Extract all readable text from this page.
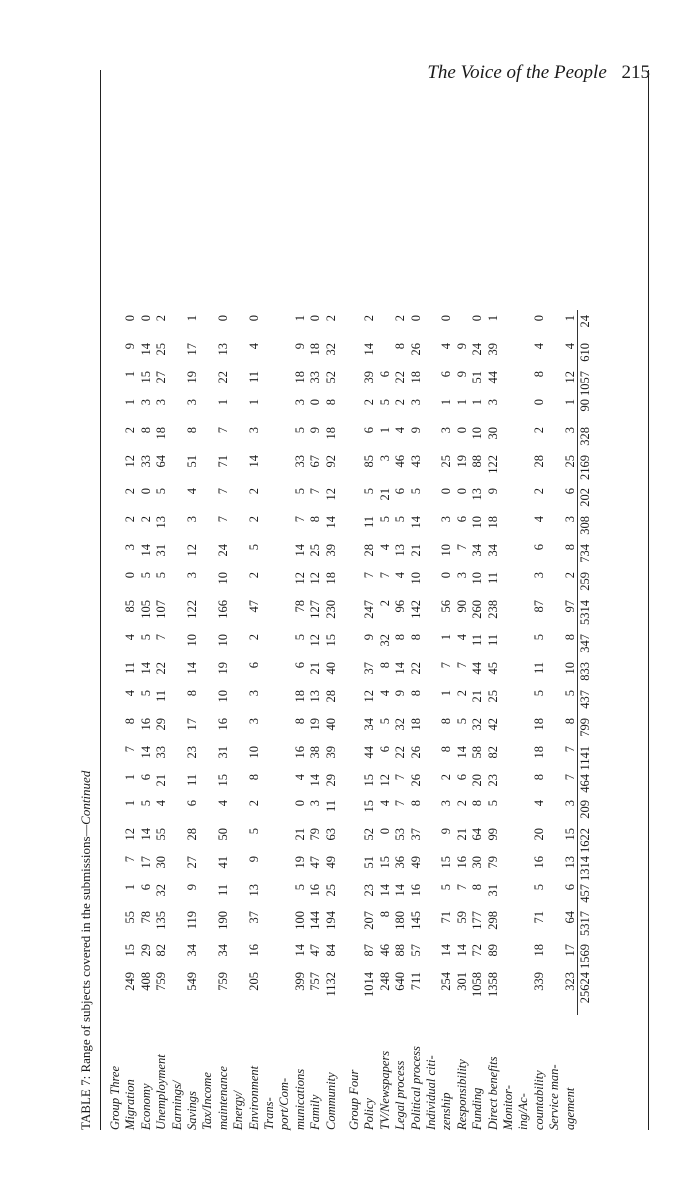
The Voice of the People 215
TABLE 7: Range of subjects covered in the submissions—Continued
Group Three Migration
249
15
55
1
7
12
1
1
7
8
4
11
4
85
0
3
2
2
12
2
1
1
9
0
Economy
408
29
78
6
17
14
5
6
14
16
5
14
5
105
5
14
2
0
33
8
3
15
14
0
Unemployment
759
82
135
32
30
55
4
21
33
29
11
22
7
107
5
31
13
5
64
18
3
27
25
2
Earnings/ Savings
549
34
119
9
27
28
6
11
23
17
8
14
10
122
3
12
3
4
51
8
3
19
17
1
Tax/Income maintenance
759
34
190
11
41
50
4
15
31
16
10
19
10
166
10
24
7
7
71
7
1
22
13
0
Energy/ Environment
205
16
37
13
9
5
2
8
10
3
3
6
2
47
2
5
2
2
14
3
1
11
4
0
Trans- port/Com- munications
399
14
100
5
19
21
0
4
16
8
18
6
5
78
12
14
7
5
33
5
3
18
9
1
Family
757
47
144
16
47
79
3
14
38
19
13
21
12
127
12
25
8
7
67
9
0
33
18
0
Community
1132
84
194
25
49
63
11
29
39
40
28
40
15
230
18
39
14
12
92
18
8
52
32
2
Group Four Policy
1014
87
207
23
51
52
15
15
44
34
12
37
9
247
7
28
11
5
85
6
2
39
14
2
TV/Newspapers
248
46
8
14
15
0
4
12
6
5
4
8
32
2
7
4
5
21
3
1
5
6
Legal process
640
88
180
14
36
53
7
7
22
32
9
14
8
96
4
13
5
6
46
4
2
22
8
2
Political process
711
57
145
16
49
37
8
26
26
18
8
22
8
142
10
21
14
5
43
9
3
18
26
0
Individual citi- zenship
254
14
71
5
15
9
3
2
8
8
1
7
1
56
0
10
3
0
25
3
1
6
4
0
Responsibility
301
14
59
7
16
21
2
6
14
5
2
7
4
90
3
7
6
0
19
0
1
9
9
Funding
1058
72
177
8
30
64
8
20
58
32
21
44
11
260
10
34
10
13
88
10
1
51
24
0
Direct benefits
1358
89
298
31
79
99
5
23
82
42
25
45
11
238
11
34
18
9
122
30
3
44
39
1
Monitor- ing/Ac- countability
339
18
71
5
16
20
4
8
18
18
5
11
5
87
3
6
4
2
28
2
0
8
4
0
Service man- agement
323
17
64
6
13
15
3
7
7
8
5
10
8
97
2
8
3
6
25
3
1
12
4
1
25624
1569
5317
457
1314
1622
209
464
1141
799
437
833
347
5314
259
734
308
202
2169
328
90
1057
610
24
